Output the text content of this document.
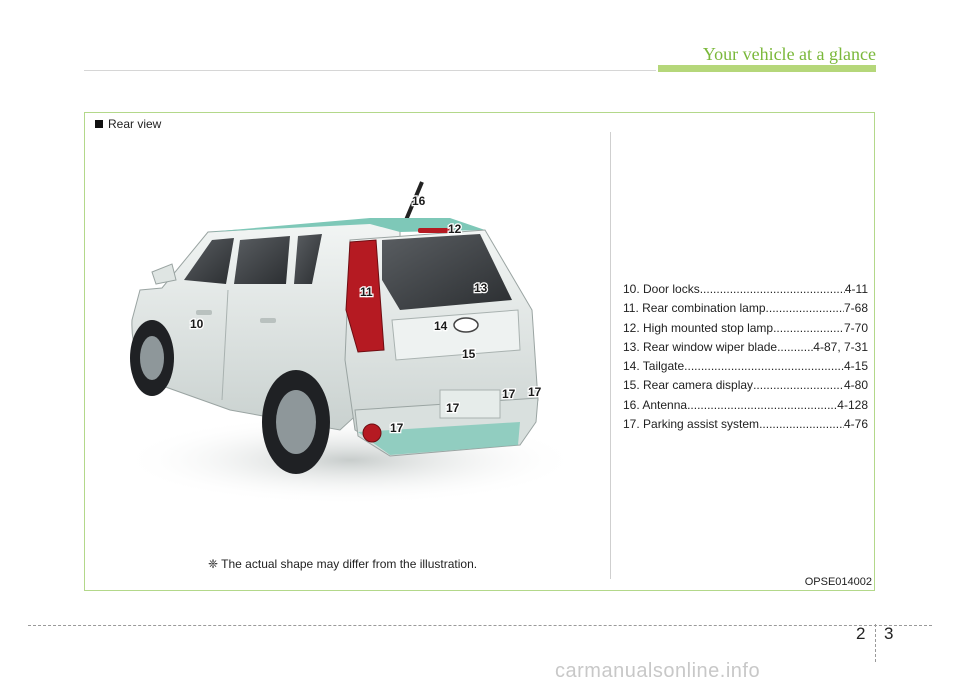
Your vehicle at a glance
Rear view
16
12
11	13
10	14
15
17
17 17
17
10. Door locks .....	4-11
11. Rear combination lamp .....	7-68
12. High mounted stop lamp .....	7-70
13. Rear window wiper blade .....	4-87, 7-31
14. Tailgate .....	4-15
15. Rear camera display .....	4-80
16. Antenna .....	4-128
17. Parking assist system .....	4-76
❈ The actual shape may differ from the illustration.
OPSE014002
2 3
carmanualsonline.info
